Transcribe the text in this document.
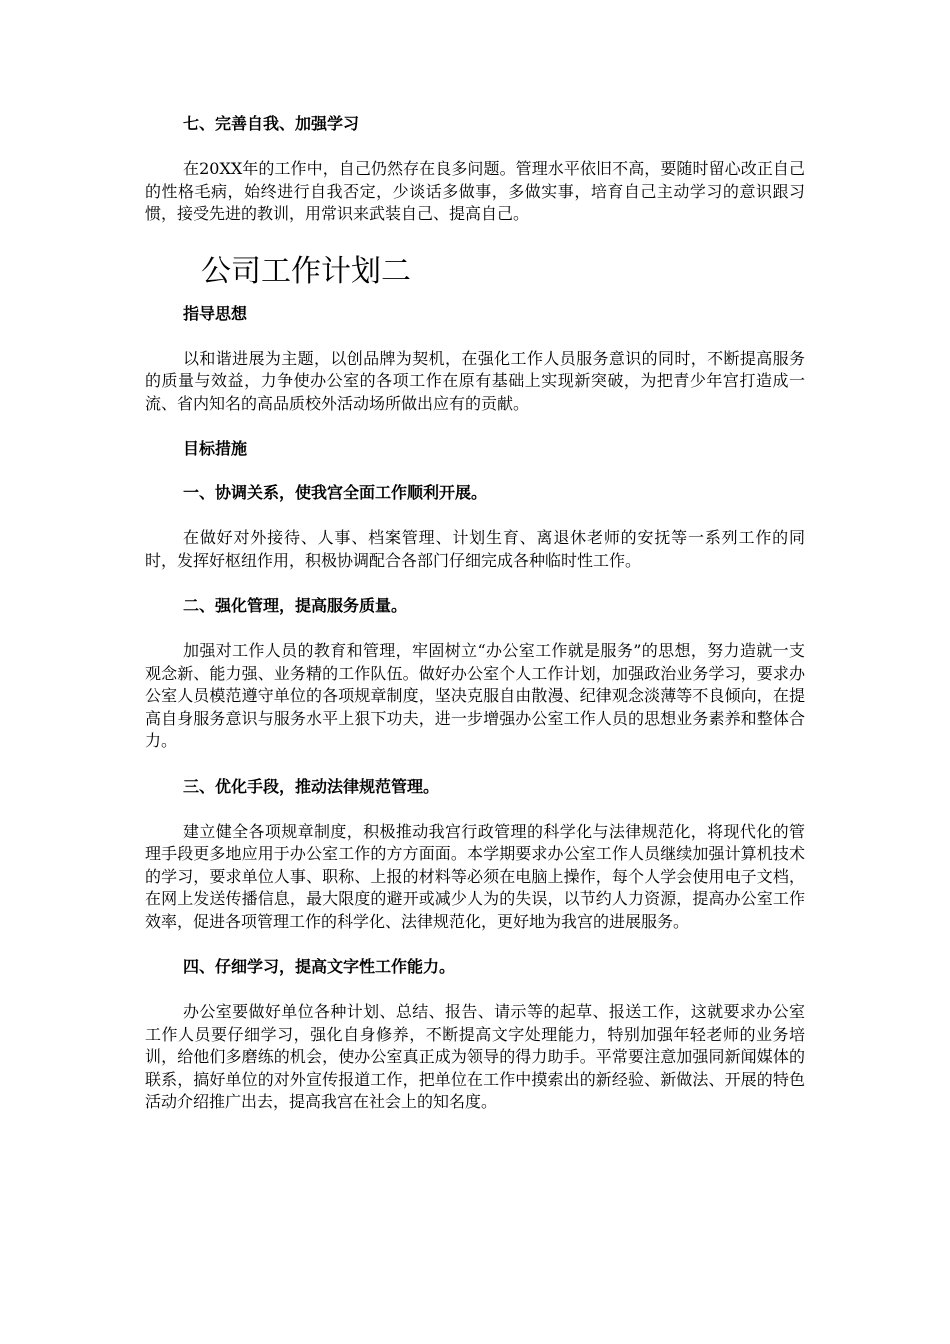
七、完善自我、加强学习

在20XX年的工作中，自己仍然存在良多问题。管理水平依旧不高，要随时留心改正自己的性格毛病，始终进行自我否定，少谈话多做事，多做实事，培育自己主动学习的意识跟习惯，接受先进的教训，用常识来武装自己、提高自己。

公司工作计划二
指导思想

以和谐进展为主题，以创品牌为契机，在强化工作人员服务意识的同时，不断提高服务的质量与效益，力争使办公室的各项工作在原有基础上实现新突破，为把青少年宫打造成一流、省内知名的高品质校外活动场所做出应有的贡献。

目标措施
一、协调关系，使我宫全面工作顺利开展。

在做好对外接待、人事、档案管理、计划生育、离退休老师的安抚等一系列工作的同时，发挥好枢纽作用，积极协调配合各部门仔细完成各种临时性工作。

二、强化管理，提高服务质量。

加强对工作人员的教育和管理，牢固树立“办公室工作就是服务”的思想，努力造就一支观念新、能力强、业务精的工作队伍。做好办公室个人工作计划，加强政治业务学习，要求办公室人员模范遵守单位的各项规章制度，坚决克服自由散漫、纪律观念淡薄等不良倾向，在提高自身服务意识与服务水平上狠下功夫，进一步增强办公室工作人员的思想业务素养和整体合力。

三、优化手段，推动法律规范管理。

建立健全各项规章制度，积极推动我宫行政管理的科学化与法律规范化，将现代化的管理手段更多地应用于办公室工作的方方面面。本学期要求办公室工作人员继续加强计算机技术的学习，要求单位人事、职称、上报的材料等必须在电脑上操作，每个人学会使用电子文档，在网上发送传播信息，最大限度的避开或减少人为的失误，以节约人力资源，提高办公室工作效率，促进各项管理工作的科学化、法律规范化，更好地为我宫的进展服务。

四、仔细学习，提高文字性工作能力。

办公室要做好单位各种计划、总结、报告、请示等的起草、报送工作，这就要求办公室工作人员要仔细学习，强化自身修养，不断提高文字处理能力，特别加强年轻老师的业务培训，给他们多磨练的机会，使办公室真正成为领导的得力助手。平常要注意加强同新闻媒体的联系，搞好单位的对外宣传报道工作，把单位在工作中摸索出的新经验、新做法、开展的特色活动介绍推广出去，提高我宫在社会上的知名度。
